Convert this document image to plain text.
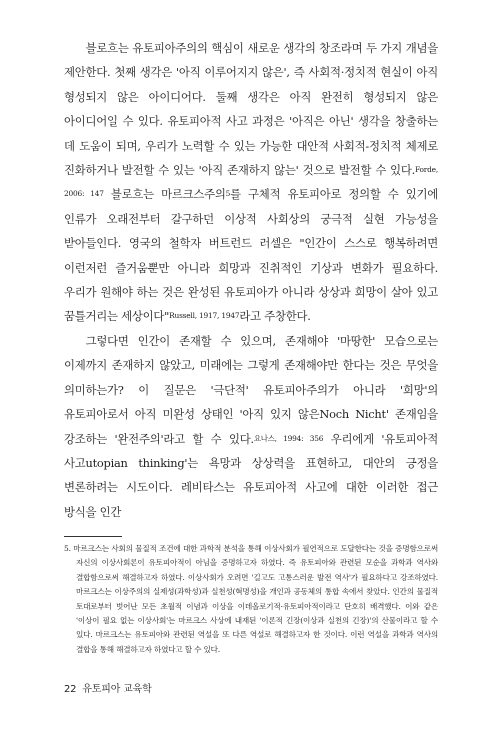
블로흐는 유토피아주의의 핵심이 새로운 생각의 창조라며 두 가지 개념을 제안한다. 첫째 생각은 '아직 이루어지지 않은', 즉 사회적·정치적 현실이 아직 형성되지 않은 아이디어다. 둘째 생각은 아직 완전히 형성되지 않은 아이디어일 수 있다. 유토피아적 사고 과정은 '아직은 아닌' 생각을 창출하는 데 도움이 되며, 우리가 노력할 수 있는 가능한 대안적 사회적-정치적 체제로 진화하거나 발전할 수 있는 '아직 존재하지 않는' 것으로 발전할 수 있다.Forde, 2006: 147 블로흐는 마르크스주의5를 구체적 유토피아로 정의할 수 있기에 인류가 오래전부터 갈구하던 이상적 사회상의 궁극적 실현 가능성을 받아들인다. 영국의 철학자 버트런드 러셀은 "인간이 스스로 행복하려면 이런저런 즐거움뿐만 아니라 희망과 진취적인 기상과 변화가 필요하다. 우리가 원해야 하는 것은 완성된 유토피아가 아니라 상상과 희망이 살아 있고 꿈틀거리는 세상이다"Russell, 1917, 1947라고 주창한다.

그렇다면 인간이 존재할 수 있으며, 존재해야 '마땅한' 모습으로는 이제까지 존재하지 않았고, 미래에는 그렇게 존재해야만 한다는 것은 무엇을 의미하는가? 이 질문은 '극단적' 유토피아주의가 아니라 '희망'의 유토피아로서 아직 미완성 상태인 '아직 있지 않은Noch Nicht' 존재임을 강조하는 '완전주의'라고 할 수 있다.요나스, 1994: 356 우리에게 '유토피아적 사고utopian thinking'는 욕망과 상상력을 표현하고, 대안의 긍정을 변론하려는 시도이다. 레비타스는 유토피아적 사고에 대한 이러한 접근 방식을 인간

5. 마르크스는 사회의 물질적 조건에 대한 과학적 분석을 통해 이상사회가 필연적으로 도달한다는 것을 증명함으로써 자신의 이상사회론이 유토피아적이 아님을 증명하고자 하였다. 즉 유토피아와 관련된 모순을 과학과 역사와 결합함으로써 해결하고자 하였다. 이상사회가 오려면 '길고도 고통스러운 발전 역사'가 필요하다고 강조하였다. 마르크스는 이상주의의 실제성(과학성)과 실천성(혁명성)을 개인과 공동체의 통합 속에서 찾았다. 인간의 물질적 토대로부터 벗어난 모든 초월적 이념과 이상을 이데올로기적·유토피아적이라고 단호히 배격했다. 이와 같은 '이상이 필요 없는 이상사회'는 마르크스 사상에 내재된 '이론적 긴장(이상과 실천의 긴장)'의 산물이라고 할 수 있다. 마르크스는 유토피아와 관련된 역설을 또 다른 역설로 해결하고자 한 것이다. 이런 역설을 과학과 역사의 결합을 통해 해결하고자 하였다고 할 수 있다.

22 유토피아 교육학
